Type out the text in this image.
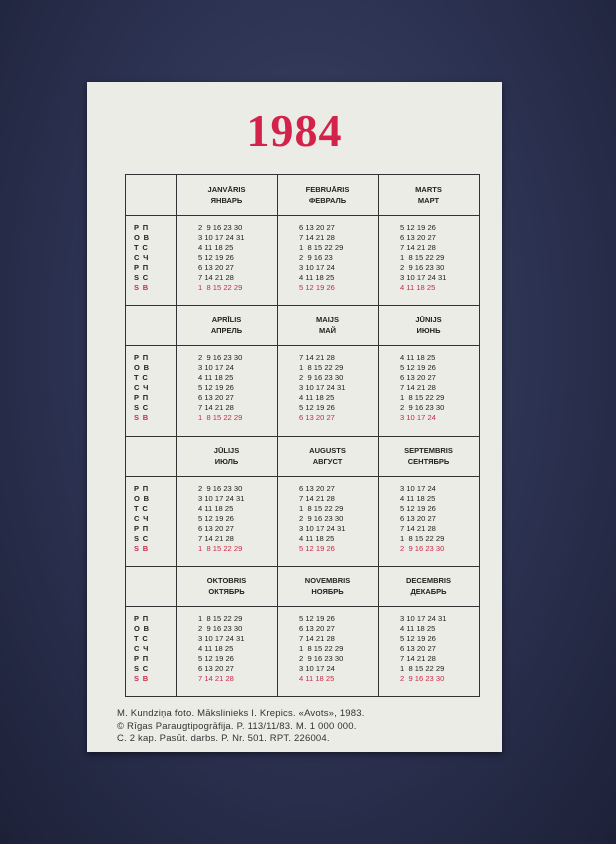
1984
P П
O В
T С
C Ч
P П
S С
S В
JANVĀRIS
ЯНВАРЬ
2  9 16 23 30
3 10 17 24 31
4 11 18 25
5 12 19 26
6 13 20 27
7 14 21 28
1  8 15 22 29
FEBRUĀRIS
ФЕВРАЛЬ
6 13 20 27
7 14 21 28
1  8 15 22 29
2  9 16 23
3 10 17 24
4 11 18 25
5 12 19 26
MARTS
МАРТ
5 12 19 26
6 13 20 27
7 14 21 28
1  8 15 22 29
2  9 16 23 30
3 10 17 24 31
4 11 18 25
P П
O В
T С
C Ч
P П
S С
S В
APRĪLIS
АПРЕЛЬ
2  9 16 23 30
3 10 17 24
4 11 18 25
5 12 19 26
6 13 20 27
7 14 21 28
1  8 15 22 29
MAIJS
МАЙ
7 14 21 28
1  8 15 22 29
2  9 16 23 30
3 10 17 24 31
4 11 18 25
5 12 19 26
6 13 20 27
JŪNIJS
ИЮНЬ
4 11 18 25
5 12 19 26
6 13 20 27
7 14 21 28
1  8 15 22 29
2  9 16 23 30
3 10 17 24
P П
O В
T С
C Ч
P П
S С
S В
JŪLIJS
ИЮЛЬ
2  9 16 23 30
3 10 17 24 31
4 11 18 25
5 12 19 26
6 13 20 27
7 14 21 28
1  8 15 22 29
AUGUSTS
АВГУСТ
6 13 20 27
7 14 21 28
1  8 15 22 29
2  9 16 23 30
3 10 17 24 31
4 11 18 25
5 12 19 26
SEPTEMBRIS
СЕНТЯБРЬ
3 10 17 24
4 11 18 25
5 12 19 26
6 13 20 27
7 14 21 28
1  8 15 22 29
2  9 16 23 30
P П
O В
T С
C Ч
P П
S С
S В
OKTOBRIS
ОКТЯБРЬ
1  8 15 22 29
2  9 16 23 30
3 10 17 24 31
4 11 18 25
5 12 19 26
6 13 20 27
7 14 21 28
NOVEMBRIS
НОЯБРЬ
5 12 19 26
6 13 20 27
7 14 21 28
1  8 15 22 29
2  9 16 23 30
3 10 17 24
4 11 18 25
DECEMBRIS
ДЕКАБРЬ
3 10 17 24 31
4 11 18 25
5 12 19 26
6 13 20 27
7 14 21 28
1  8 15 22 29
2  9 16 23 30
M. Kundziņa foto. Mākslinieks I. Krepics. «Avots», 1983.
© Rīgas Paraugtipogrāfija. P. 113/11/83. M. 1 000 000.
C. 2 kap. Pasūt. darbs. P. Nr. 501. RPT. 226004.
